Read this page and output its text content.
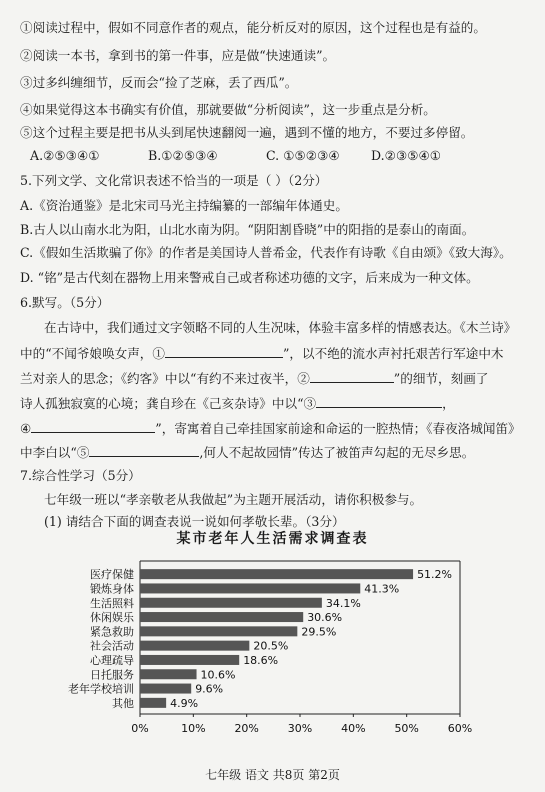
①阅读过程中，假如不同意作者的观点，能分析反对的原因，这个过程也是有益的。
②阅读一本书，拿到书的第一件事，应是做“快速通读”。
③过多纠缠细节，反而会“捡了芝麻，丢了西瓜”。
④如果觉得这本书确实有价值，那就要做“分析阅读”，这一步重点是分析。
⑤这个过程主要是把书从头到尾快速翻阅一遍，遇到不懂的地方，不要过多停留。
A.②⑤③④①	B.①②⑤③④	C. ①⑤②③④ D.②③⑤④①
5.下列文学、文化常识表述不恰当的一项是（ ）（2分）
A.《资治通鉴》是北宋司马光主持编纂的一部编年体通史。
B.古人以山南水北为阳，山北水南为阴。“阴阳割昏晓”中的阳指的是泰山的南面。
C.《假如生活欺骗了你》的作者是美国诗人普希金，代表作有诗歌《自由颂》《致大海》。
D. “铭”是古代刻在器物上用来警戒自己或者称述功德的文字，后来成为一种文体。
6.默写。（5分）
在古诗中，我们通过文字领略不同的人生况味，体验丰富多样的情感表达。《木兰诗》
中的“不闻爷娘唤女声，①	”，以不绝的流水声衬托艰苦行军途中木
兰对亲人的思念；《约客》中以“有约不来过夜半，②	”的细节，刻画了
诗人孤独寂寞的心境；龚自珍在《己亥杂诗》中以“③	，
④	”，寄寓着自己牵挂国家前途和命运的一腔热情；《春夜洛城闻笛》
中李白以“⑤	,何人不起故园情”传达了被笛声勾起的无尽乡思。
7.综合性学习（5分）
七年级一班以“孝亲敬老从我做起”为主题开展活动，请你积极参与。
(1) 请结合下面的调查表说一说如何孝敬长辈。（3分）
某市老年人生活需求调查表
医疗保健	51.2%
锻炼身体	41.3%
生活照料	34.1%
休闲娱乐	30.6%
紧急救助	29.5%
社会活动	20.5%
心理疏导	18.6%
日托服务	10.6%
老年学校培训	9.6%
其他	4.9%
0%	10%	20%	30%	40%	50%	60%
七年级 语文 共8页 第2页
